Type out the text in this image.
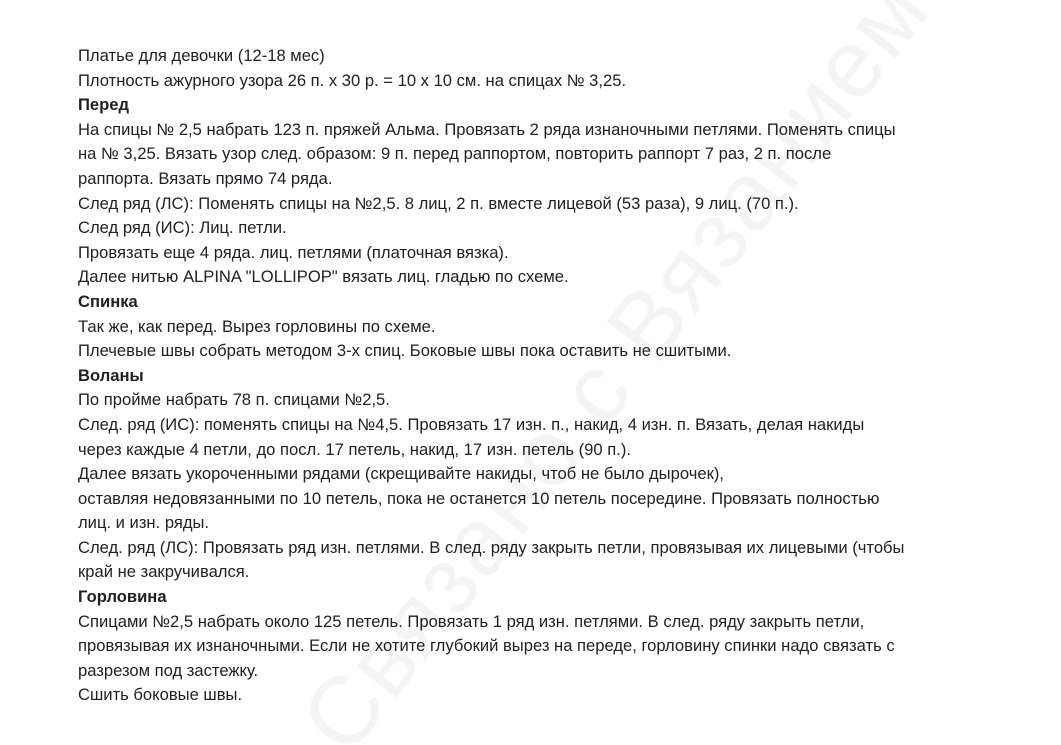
Платье для девочки (12-18 мес)

Плотность ажурного узора 26 п. х 30 р. = 10 х 10 см. на спицах № 3,25.

Перед

На спицы № 2,5 набрать 123 п. пряжей Альма. Провязать 2 ряда изнаночными петлями. Поменять спицы

на № 3,25. Вязать узор след. образом: 9 п. перед раппортом, повторить раппорт 7 раз, 2 п. после

раппорта. Вязать прямо 74 ряда.

След ряд (ЛС): Поменять спицы на №2,5. 8 лиц, 2 п. вместе лицевой (53 раза), 9 лиц. (70 п.).

След ряд (ИС): Лиц. петли.

Провязать еще 4 ряда. лиц. петлями (платочная вязка).

Далее нитью ALPINA "LOLLIPOP" вязать лиц. гладью по схеме.

Спинка

Так же, как перед. Вырез горловины по схеме.

Плечевые швы собрать методом 3-х спиц. Боковые швы пока оставить не сшитыми.

Воланы

По пройме набрать 78 п. спицами №2,5.

След. ряд (ИС): поменять спицы на №4,5. Провязать 17 изн. п., накид, 4 изн. п. Вязать, делая накиды

через каждые 4 петли, до посл. 17 петель, накид, 17 изн. петель (90 п.).

Далее вязать укороченными рядами (скрещивайте накиды, чтоб не было дырочек),

оставляя недовязанными по 10 петель, пока не останется 10 петель посередине. Провязать полностью

лиц. и изн. ряды.

След. ряд (ЛС): Провязать ряд изн. петлями. В след. ряду закрыть петли, провязывая их лицевыми (чтобы

край не закручивался.

Горловина

Спицами №2,5 набрать около 125 петель. Провязать 1 ряд изн. петлями. В след. ряду закрыть петли,

провязывая их изнаночными. Если не хотите глубокий вырез на переде, горловину спинки надо связать с

разрезом под застежку.

Сшить боковые швы.
